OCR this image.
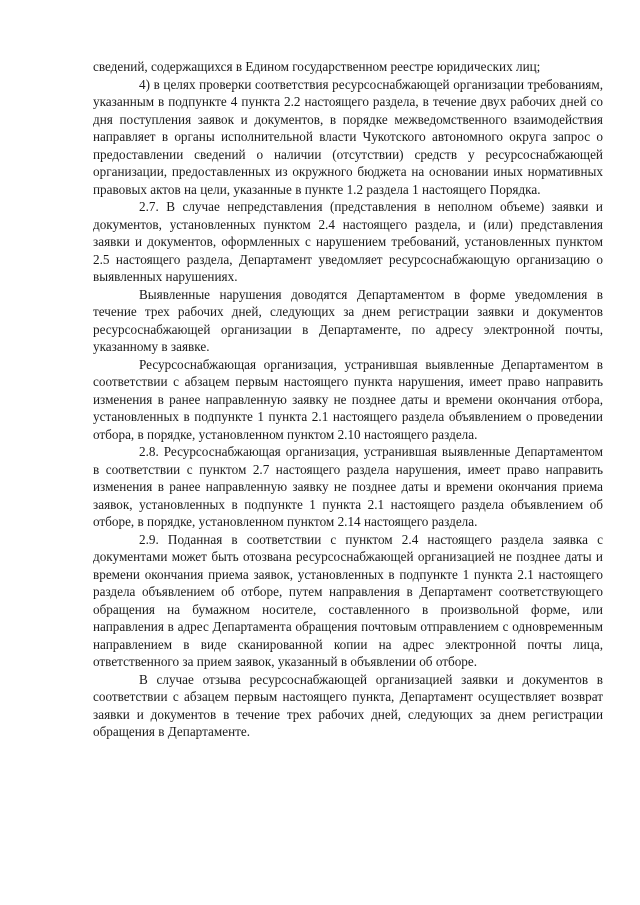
сведений, содержащихся в Едином государственном реестре юридических лиц;

4) в целях проверки соответствия ресурсоснабжающей организации требованиям, указанным в подпункте 4 пункта 2.2 настоящего раздела, в течение двух рабочих дней со дня поступления заявок и документов, в порядке межведомственного взаимодействия направляет в органы исполнительной власти Чукотского автономного округа запрос о предоставлении сведений о наличии (отсутствии) средств у ресурсоснабжающей организации, предоставленных из окружного бюджета на основании иных нормативных правовых актов на цели, указанные в пункте 1.2 раздела 1 настоящего Порядка.

2.7. В случае непредставления (представления в неполном объеме) заявки и документов, установленных пунктом 2.4 настоящего раздела, и (или) представления заявки и документов, оформленных с нарушением требований, установленных пунктом 2.5 настоящего раздела, Департамент уведомляет ресурсоснабжающую организацию о выявленных нарушениях.

Выявленные нарушения доводятся Департаментом в форме уведомления в течение трех рабочих дней, следующих за днем регистрации заявки и документов ресурсоснабжающей организации в Департаменте, по адресу электронной почты, указанному в заявке.

Ресурсоснабжающая организация, устранившая выявленные Департаментом в соответствии с абзацем первым настоящего пункта нарушения, имеет право направить изменения в ранее направленную заявку не позднее даты и времени окончания отбора, установленных в подпункте 1 пункта 2.1 настоящего раздела объявлением о проведении отбора, в порядке, установленном пунктом 2.10 настоящего раздела.

2.8. Ресурсоснабжающая организация, устранившая выявленные Департаментом в соответствии с пунктом 2.7 настоящего раздела нарушения, имеет право направить изменения в ранее направленную заявку не позднее даты и времени окончания приема заявок, установленных в подпункте 1 пункта 2.1 настоящего раздела объявлением об отборе, в порядке, установленном пунктом 2.14 настоящего раздела.

2.9. Поданная в соответствии с пунктом 2.4 настоящего раздела заявка с документами может быть отозвана ресурсоснабжающей организацией не позднее даты и времени окончания приема заявок, установленных в подпункте 1 пункта 2.1 настоящего раздела объявлением об отборе, путем направления в Департамент соответствующего обращения на бумажном носителе, составленного в произвольной форме, или направления в адрес Департамента обращения почтовым отправлением с одновременным направлением в виде сканированной копии на адрес электронной почты лица, ответственного за прием заявок, указанный в объявлении об отборе.

В случае отзыва ресурсоснабжающей организацией заявки и документов в соответствии с абзацем первым настоящего пункта, Департамент осуществляет возврат заявки и документов в течение трех рабочих дней, следующих за днем регистрации обращения в Департаменте.
